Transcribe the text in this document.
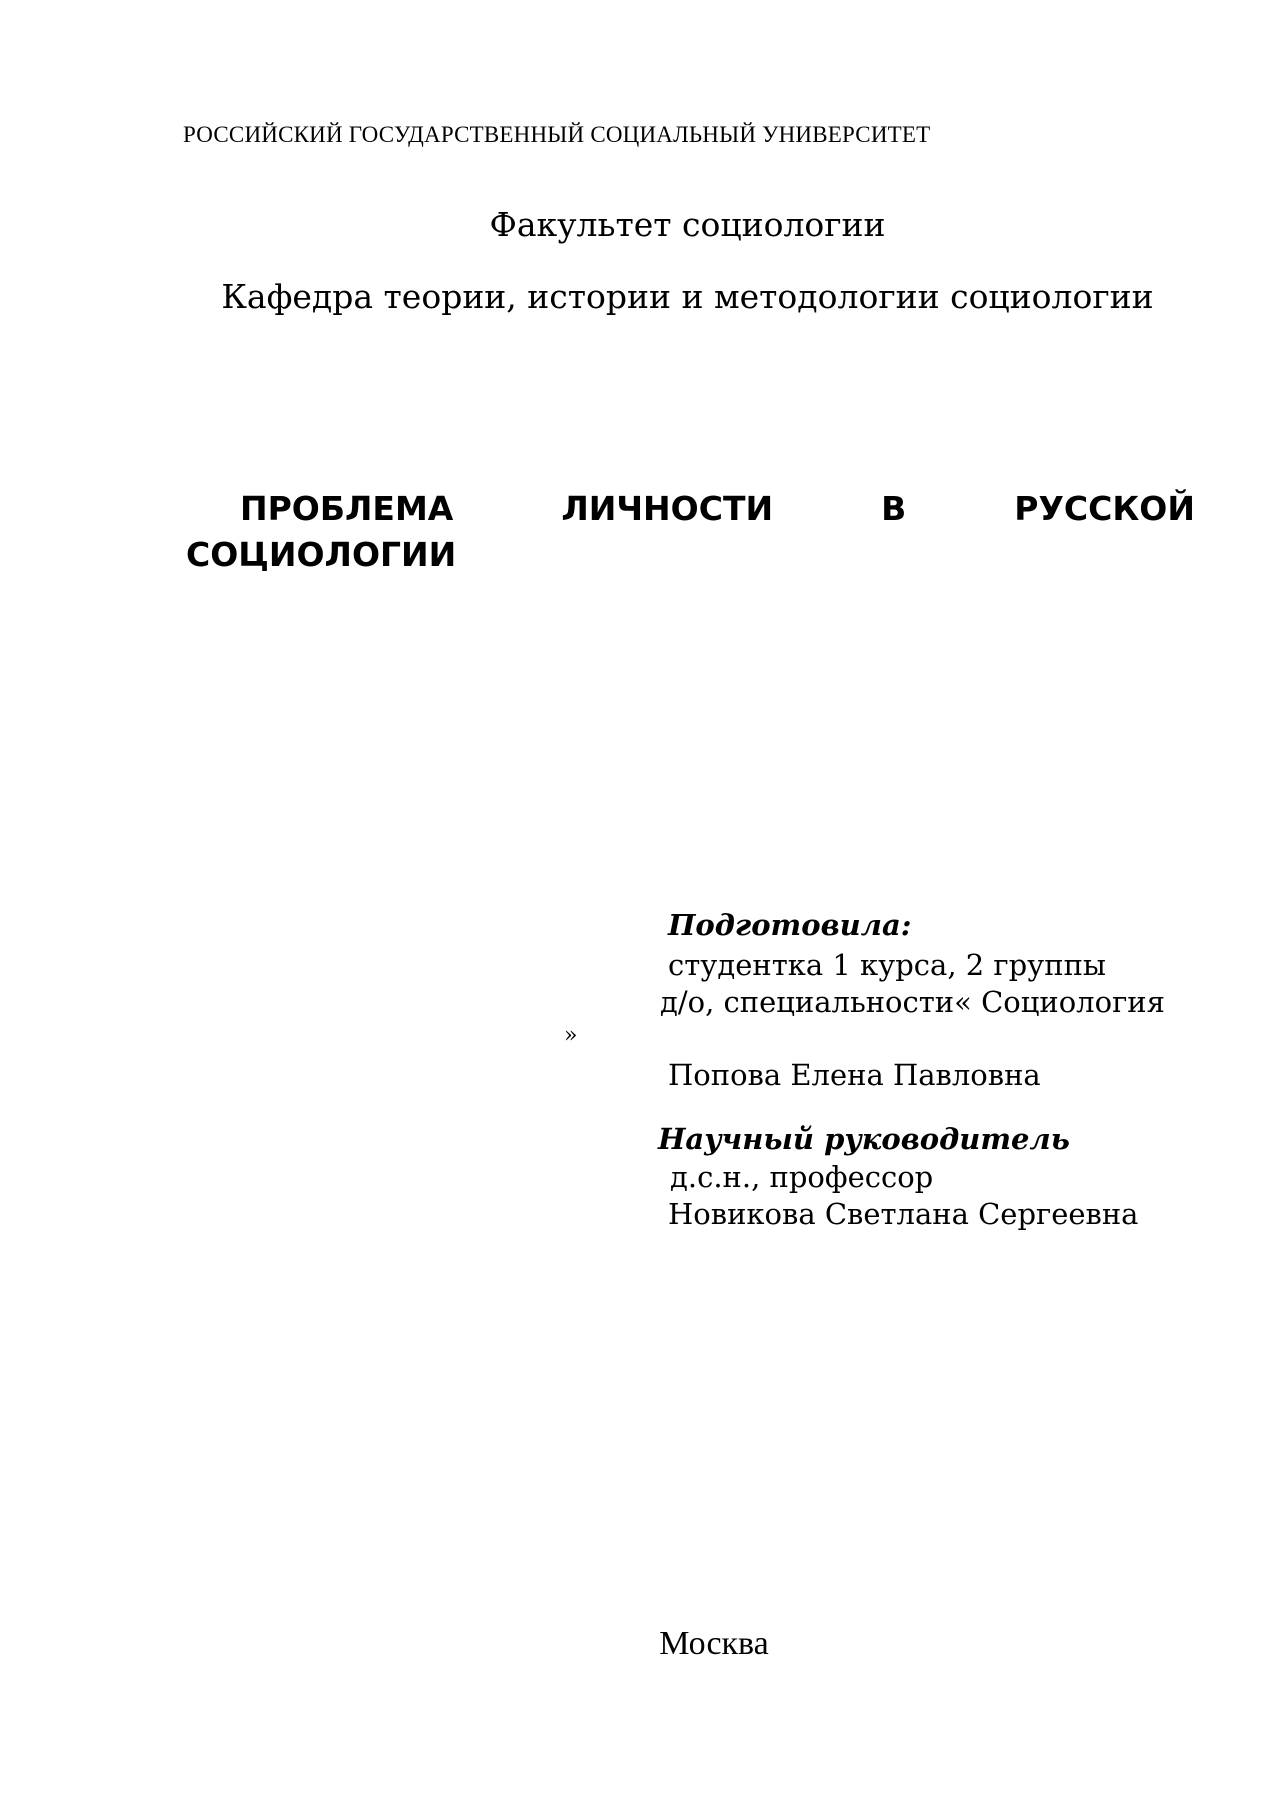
РОССИЙСКИЙ ГОСУДАРСТВЕННЫЙ СОЦИАЛЬНЫЙ УНИВЕРСИТЕТ
Факультет социологии
Кафедра теории, истории и методологии социологии
ПРОБЛЕМА	ЛИЧНОСТИ	В	РУССКОЙ
СОЦИОЛОГИИ
Подготовила:
студентка 1 курса, 2 группы
д/о, специальности« Социология
»
Попова Елена Павловна
Научный руководитель
д.с.н., профессор
Новикова Светлана Сергеевна
Москва
